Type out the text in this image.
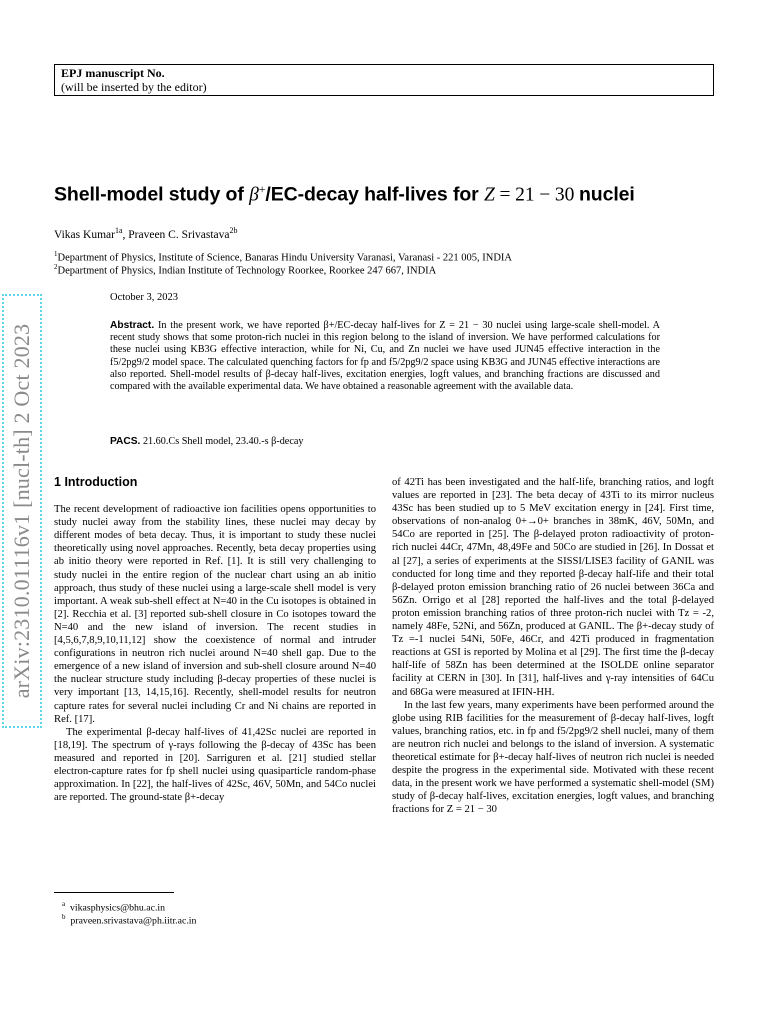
EPJ manuscript No.
(will be inserted by the editor)
Shell-model study of β+/EC-decay half-lives for Z = 21 − 30 nuclei
Vikas Kumar$^{1a}$, Praveen C. Srivastava$^{2b}$
$^1$Department of Physics, Institute of Science, Banaras Hindu University Varanasi, Varanasi - 221 005, INDIA
$^2$Department of Physics, Indian Institute of Technology Roorkee, Roorkee 247 667, INDIA
October 3, 2023
Abstract. In the present work, we have reported β+/EC-decay half-lives for Z = 21 − 30 nuclei using large-scale shell-model. A recent study shows that some proton-rich nuclei in this region belong to the island of inversion. We have performed calculations for these nuclei using KB3G effective interaction, while for Ni, Cu, and Zn nuclei we have used JUN45 effective interaction in the f5/2pg9/2 model space. The calculated quenching factors for fp and f5/2pg9/2 space using KB3G and JUN45 effective interactions are also reported. Shell-model results of β-decay half-lives, excitation energies, logft values, and branching fractions are discussed and compared with the available experimental data. We have obtained a reasonable agreement with the available data.
PACS. 21.60.Cs Shell model, 23.40.-s β-decay
arXiv:2310.01116v1 [nucl-th] 2 Oct 2023 1 Introduction

The recent development of radioactive ion facilities opens opportunities to study nuclei away from the stability lines, these nuclei may decay by different modes of beta decay. Thus, it is important to study these nuclei theoretically using novel approaches. Recently, beta decay properties using ab initio theory were reported in Ref. [1]. It is still very challenging to study nuclei in the entire region of the nuclear chart using an ab initio approach, thus study of these nuclei using a large-scale shell model is very important. A weak sub-shell effect at N=40 in the Cu isotopes is obtained in [2]. Recchia et al. [3] reported sub-shell closure in Co isotopes toward the N=40 and the new island of inversion. The recent studies in [4,5,6,7,8,9,10,11,12] show the coexistence of normal and intruder configurations in neutron rich nuclei around N=40 shell gap. Due to the emergence of a new island of inversion and sub-shell closure around N=40 the nuclear structure study including β-decay properties of these nuclei is very important [13, 14,15,16]. Recently, shell-model results for neutron capture rates for several nuclei including Cr and Ni chains are reported in Ref. [17].

The experimental β-decay half-lives of 41,42Sc nuclei are reported in [18,19]. The spectrum of γ-rays following the β-decay of 43Sc has been measured and reported in [20]. Sarriguren et al. [21] studied stellar electron-capture rates for fp shell nuclei using quasiparticle random-phase approximation. In [22], the half-lives of 42Sc, 46V, 50Mn, and 54Co nuclei are reported. The ground-state β+-decay

of 42Ti has been investigated and the half-life, branching ratios, and logft values are reported in [23]. The beta decay of 43Ti to its mirror nucleus 43Sc has been studied up to 5 MeV excitation energy in [24]. First time, observations of non-analog 0+→0+ branches in 38mK, 46V, 50Mn, and 54Co are reported in [25]. The β-delayed proton radioactivity of proton-rich nuclei 44Cr, 47Mn, 48,49Fe and 50Co are studied in [26]. In Dossat et al [27], a series of experiments at the SISSI/LISE3 facility of GANIL was conducted for long time and they reported β-decay half-life and their total β-delayed proton emission branching ratio of 26 nuclei between 36Ca and 56Zn. Orrigo et al [28] reported the half-lives and the total β-delayed proton emission branching ratios of three proton-rich nuclei with Tz = -2, namely 48Fe, 52Ni, and 56Zn, produced at GANIL. The β+-decay study of Tz =-1 nuclei 54Ni, 50Fe, 46Cr, and 42Ti produced in fragmentation reactions at GSI is reported by Molina et al [29]. The first time the β-decay half-life of 58Zn has been determined at the ISOLDE online separator facility at CERN in [30]. In [31], half-lives and γ-ray intensities of 64Cu and 68Ga were measured at IFIN-HH.

In the last few years, many experiments have been performed around the globe using RIB facilities for the measurement of β-decay half-lives, logft values, branching ratios, etc. in fp and f5/2pg9/2 shell nuclei, many of them are neutron rich nuclei and belongs to the island of inversion. A systematic theoretical estimate for β+-decay half-lives of neutron rich nuclei is needed despite the progress in the experimental side. Motivated with these recent data, in the present work we have performed a systematic shell-model (SM) study of β-decay half-lives, excitation energies, logft values, and branching fractions for Z = 21 − 30

$^a$ vikasphysics@bhu.ac.in
$^b$ praveen.srivastava@ph.iitr.ac.in
